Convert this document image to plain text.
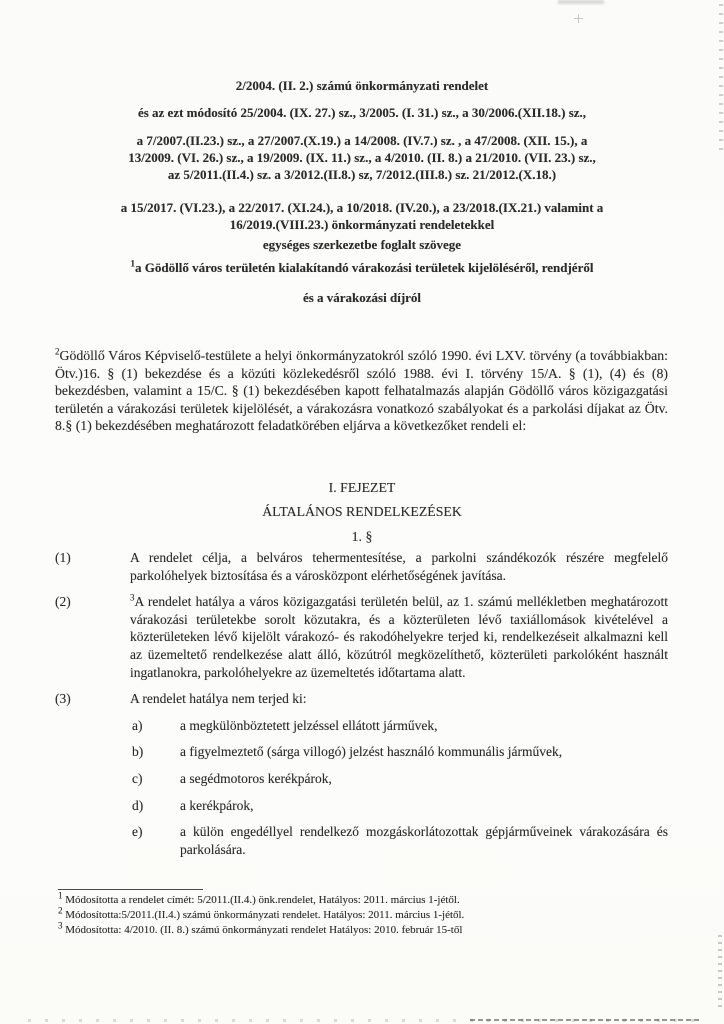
2/2004. (II. 2.) számú önkormányzati rendelet
és az ezt módosító 25/2004. (IX. 27.) sz., 3/2005. (I. 31.) sz., a 30/2006.(XII.18.) sz.,
a 7/2007.(II.23.) sz., a 27/2007.(X.19.) a 14/2008. (IV.7.) sz. , a 47/2008. (XII. 15.), a
13/2009. (VI. 26.) sz., a 19/2009. (IX. 11.) sz., a 4/2010. (II. 8.) a 21/2010. (VII. 23.) sz.,
az 5/2011.(II.4.) sz. a 3/2012.(II.8.) sz, 7/2012.(III.8.) sz. 21/2012.(X.18.)
a 15/2017. (VI.23.), a 22/2017. (XI.24.), a 10/2018. (IV.20.), a 23/2018.(IX.21.) valamint a
16/2019.(VIII.23.) önkormányzati rendeletekkel
egységes szerkezetbe foglalt szövege
$^1$a Gödöllő város területén kialakítandó várakozási területek kijelöléséről, rendjéről
és a várakozási díjról

$^2$Gödöllő Város Képviselő-testülete a helyi önkormányzatokról szóló 1990. évi LXV. törvény (a továbbiakban: Ötv.)16. § (1) bekezdése és a közúti közlekedésről szóló 1988. évi I. törvény 15/A. § (1), (4) és (8) bekezdésben, valamint a 15/C. § (1) bekezdésében kapott felhatalmazás alapján Gödöllő város közigazgatási területén a várakozási területek kijelölését, a várakozásra vonatkozó szabályokat és a parkolási díjakat az Ötv. 8.§ (1) bekezdésében meghatározott feladatkörében eljárva a következőket rendeli el:

I. FEJEZET
ÁLTALÁNOS RENDELKEZÉSEK
1. §
(1)	A rendelet célja, a belváros tehermentesítése, a parkolni szándékozók részére megfelelő parkolóhelyek biztosítása és a városközpont elérhetőségének javítása.
(2)	$^3$A rendelet hatálya a város közigazgatási területén belül, az 1. számú mellékletben meghatározott várakozási területekbe sorolt közutakra, és a közterületen lévő taxiállomások kivételével a közterületeken lévő kijelölt várakozó- és rakodóhelyekre terjed ki, rendelkezéseit alkalmazni kell az üzemeltető rendelkezése alatt álló, közútról megközelíthető, közterületi parkolóként használt ingatlanokra, parkolóhelyekre az üzemeltetés időtartama alatt.
(3)	A rendelet hatálya nem terjed ki:
a)	a megkülönböztetett jelzéssel ellátott járművek,
b)	a figyelmeztető (sárga villogó) jelzést használó kommunális járművek,
c)	a segédmotoros kerékpárok,
d)	a kerékpárok,
e)	a külön engedéllyel rendelkező mozgáskorlátozottak gépjárműveinek várakozására és parkolására.
$^1$ Módosította a rendelet címét: 5/2011.(II.4.) önk.rendelet, Hatályos: 2011. március 1-jétől.
$^2$ Módosította:5/2011.(II.4.) számú önkormányzati rendelet. Hatályos: 2011. március 1-jétől.
$^3$ Módosította: 4/2010. (II. 8.) számú önkormányzati rendelet Hatályos: 2010. február 15-től
